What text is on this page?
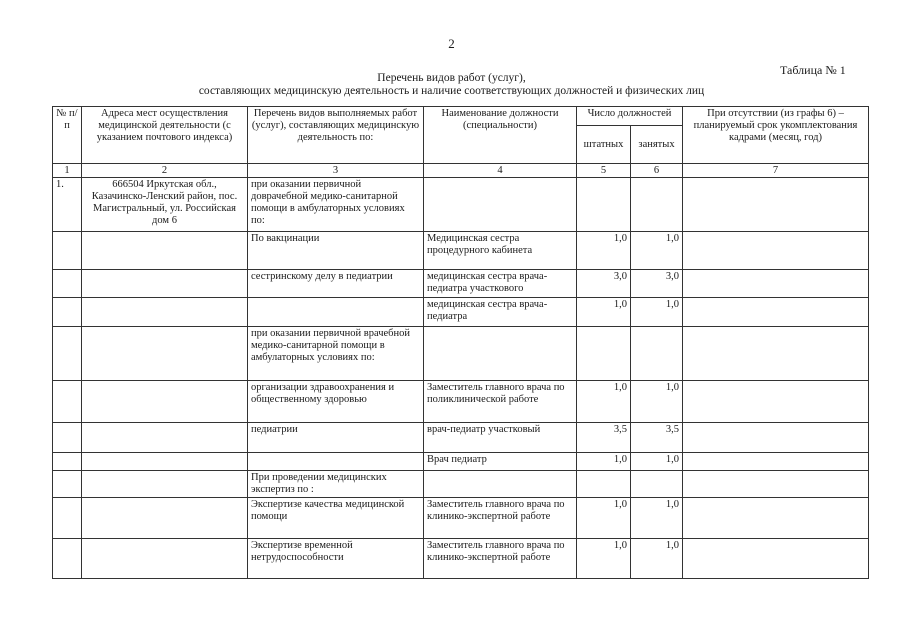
2
Таблица № 1
Перечень видов работ (услуг),
составляющих медицинскую деятельность и наличие соответствующих должностей и физических лиц
№ п/п	Адреса мест осуществления медицинской деятельности (с указанием почтового индекса)	Перечень видов выполняемых работ (услуг), составляющих медицинскую деятельность по:	Наименование должности (специальности)	Число должностей		При отсутствии (из графы 6) – планируемый срок укомплектования кадрами (месяц, год)
				штатных	занятых	
1	2	3	4	5	6	7
1.	666504 Иркутская обл., Казачинско-Ленский район, пос. Магистральный, ул. Российская дом 6	при оказании первичной доврачебной медико-санитарной помощи в амбулаторных условиях по:				
		По вакцинации	Медицинская сестра процедурного кабинета	1,0	1,0	
		сестринскому делу в педиатрии	медицинская сестра врача-педиатра участкового	3,0	3,0	
			медицинская сестра врача-педиатра	1,0	1,0	
		при оказании первичной врачебной медико-санитарной помощи в амбулаторных условиях по:				
		организации здравоохранения и общественному здоровью	Заместитель главного врача по поликлинической работе	1,0	1,0	
		педиатрии	врач-педиатр участковый	3,5	3,5	
			Врач педиатр	1,0	1,0	
		При проведении медицинских экспертиз по :				
		Экспертизе качества медицинской помощи	Заместитель главного врача по клинико-экспертной работе	1,0	1,0	
		Экспертизе временной нетрудоспособности	Заместитель главного врача по клинико-экспертной работе	1,0	1,0	
